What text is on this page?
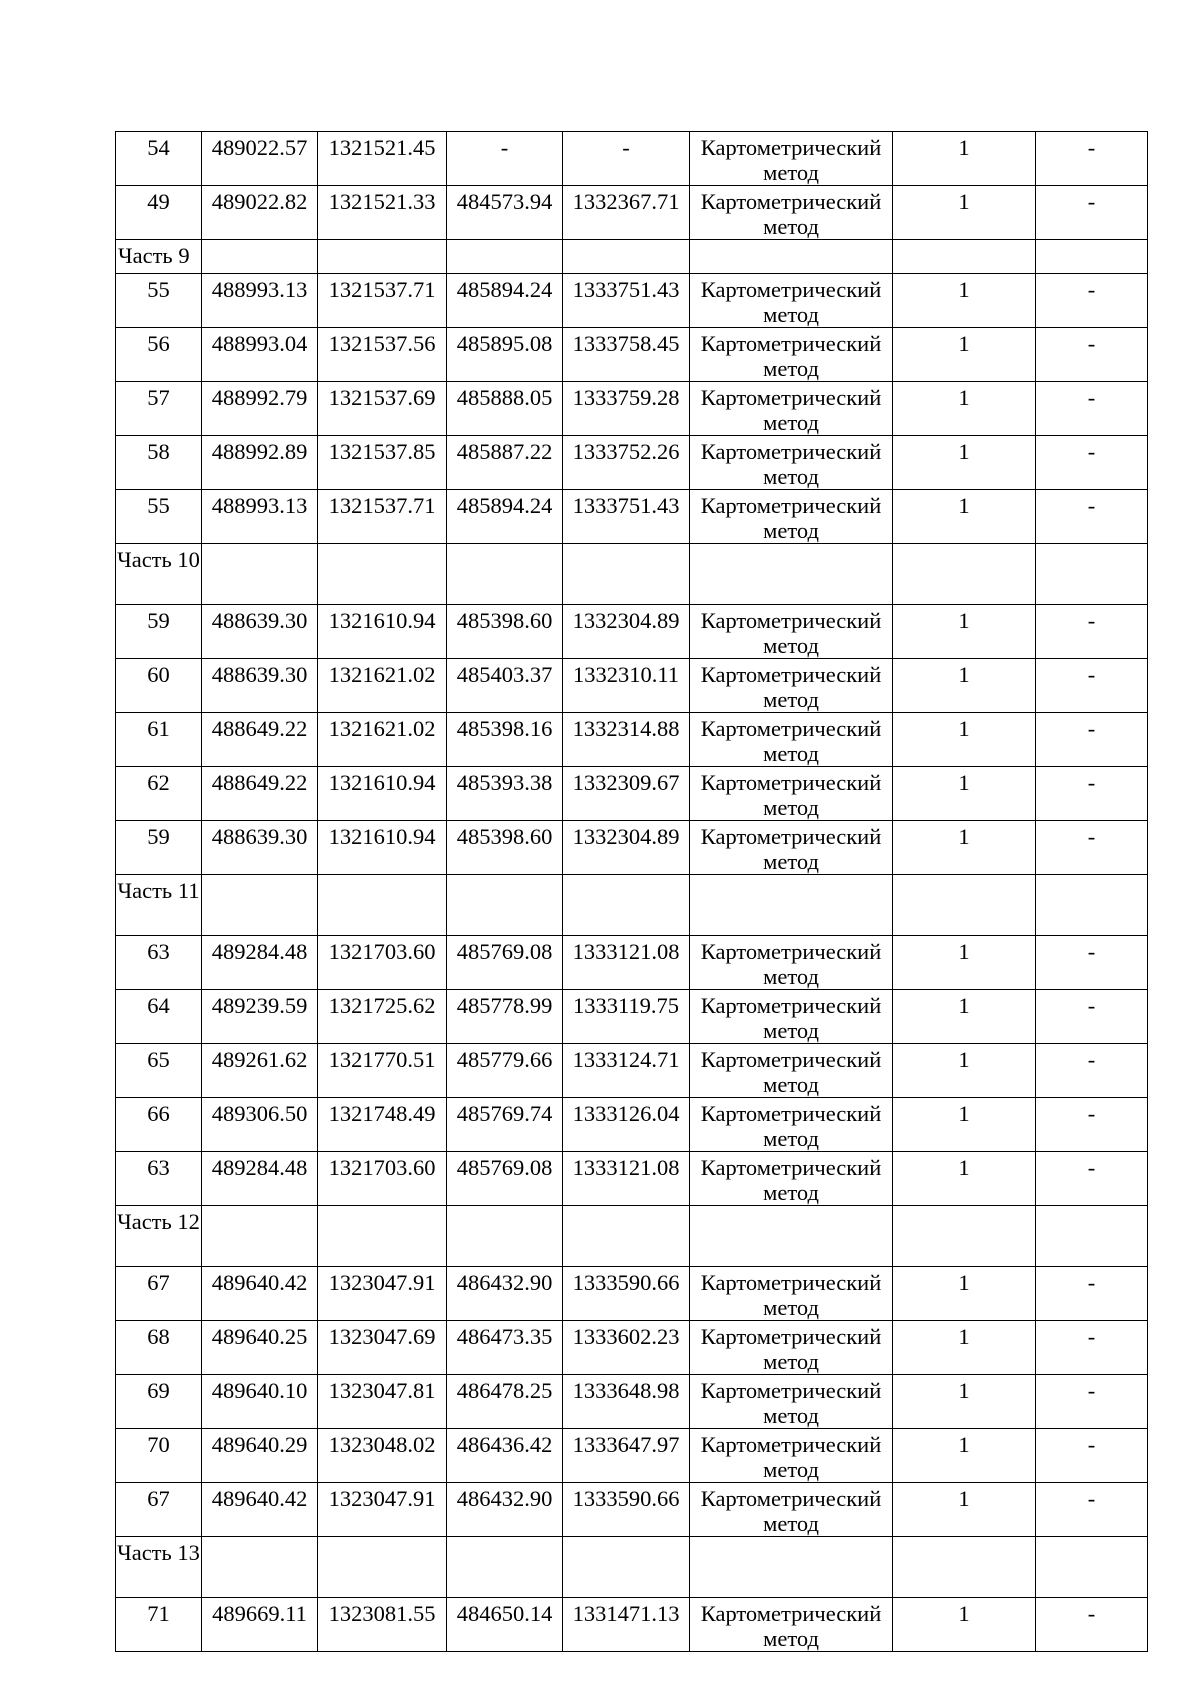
54	489022.57	1321521.45	-	-	Картометрический
метод	1	-

49	489022.82	1321521.33	484573.94	1332367.71	Картометрический
метод	1	-

Часть 9							

55	488993.13	1321537.71	485894.24	1333751.43	Картометрический
метод	1	-

56	488993.04	1321537.56	485895.08	1333758.45	Картометрический
метод	1	-

57	488992.79	1321537.69	485888.05	1333759.28	Картометрический
метод	1	-

58	488992.89	1321537.85	485887.22	1333752.26	Картометрический
метод	1	-

55	488993.13	1321537.71	485894.24	1333751.43	Картометрический
метод	1	-

Часть 10							

59	488639.30	1321610.94	485398.60	1332304.89	Картометрический
метод	1	-

60	488639.30	1321621.02	485403.37	1332310.11	Картометрический
метод	1	-

61	488649.22	1321621.02	485398.16	1332314.88	Картометрический
метод	1	-

62	488649.22	1321610.94	485393.38	1332309.67	Картометрический
метод	1	-

59	488639.30	1321610.94	485398.60	1332304.89	Картометрический
метод	1	-

Часть 11							

63	489284.48	1321703.60	485769.08	1333121.08	Картометрический
метод	1	-

64	489239.59	1321725.62	485778.99	1333119.75	Картометрический
метод	1	-

65	489261.62	1321770.51	485779.66	1333124.71	Картометрический
метод	1	-

66	489306.50	1321748.49	485769.74	1333126.04	Картометрический
метод	1	-

63	489284.48	1321703.60	485769.08	1333121.08	Картометрический
метод	1	-

Часть 12							

67	489640.42	1323047.91	486432.90	1333590.66	Картометрический
метод	1	-

68	489640.25	1323047.69	486473.35	1333602.23	Картометрический
метод	1	-

69	489640.10	1323047.81	486478.25	1333648.98	Картометрический
метод	1	-

70	489640.29	1323048.02	486436.42	1333647.97	Картометрический
метод	1	-

67	489640.42	1323047.91	486432.90	1333590.66	Картометрический
метод	1	-

Часть 13							

71	489669.11	1323081.55	484650.14	1331471.13	Картометрический
метод	1	-
